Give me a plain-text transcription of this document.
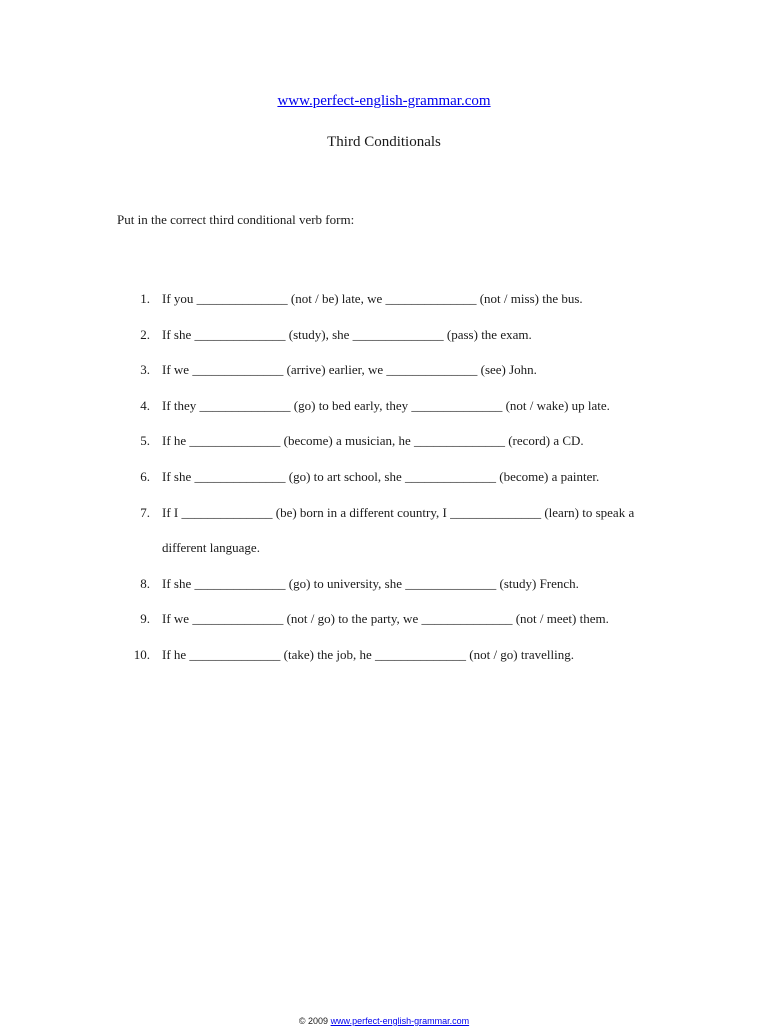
www.perfect-english-grammar.com
Third Conditionals
Put in the correct third conditional verb form:
1. If you ______________ (not / be) late, we ______________ (not / miss) the bus.
2. If she ______________ (study), she ______________ (pass) the exam.
3. If we ______________ (arrive) earlier, we ______________ (see) John.
4. If they ______________ (go) to bed early, they ______________ (not / wake) up late.
5. If he ______________ (become) a musician, he ______________ (record) a CD.
6. If she ______________ (go) to art school, she ______________ (become) a painter.
7. If I ______________ (be) born in a different country, I ______________ (learn) to speak a different language.
8. If she ______________ (go) to university, she ______________ (study) French.
9. If we ______________ (not / go) to the party, we ______________ (not / meet) them.
10. If he ______________ (take) the job, he ______________ (not / go) travelling.
© 2009 www.perfect-english-grammar.com
